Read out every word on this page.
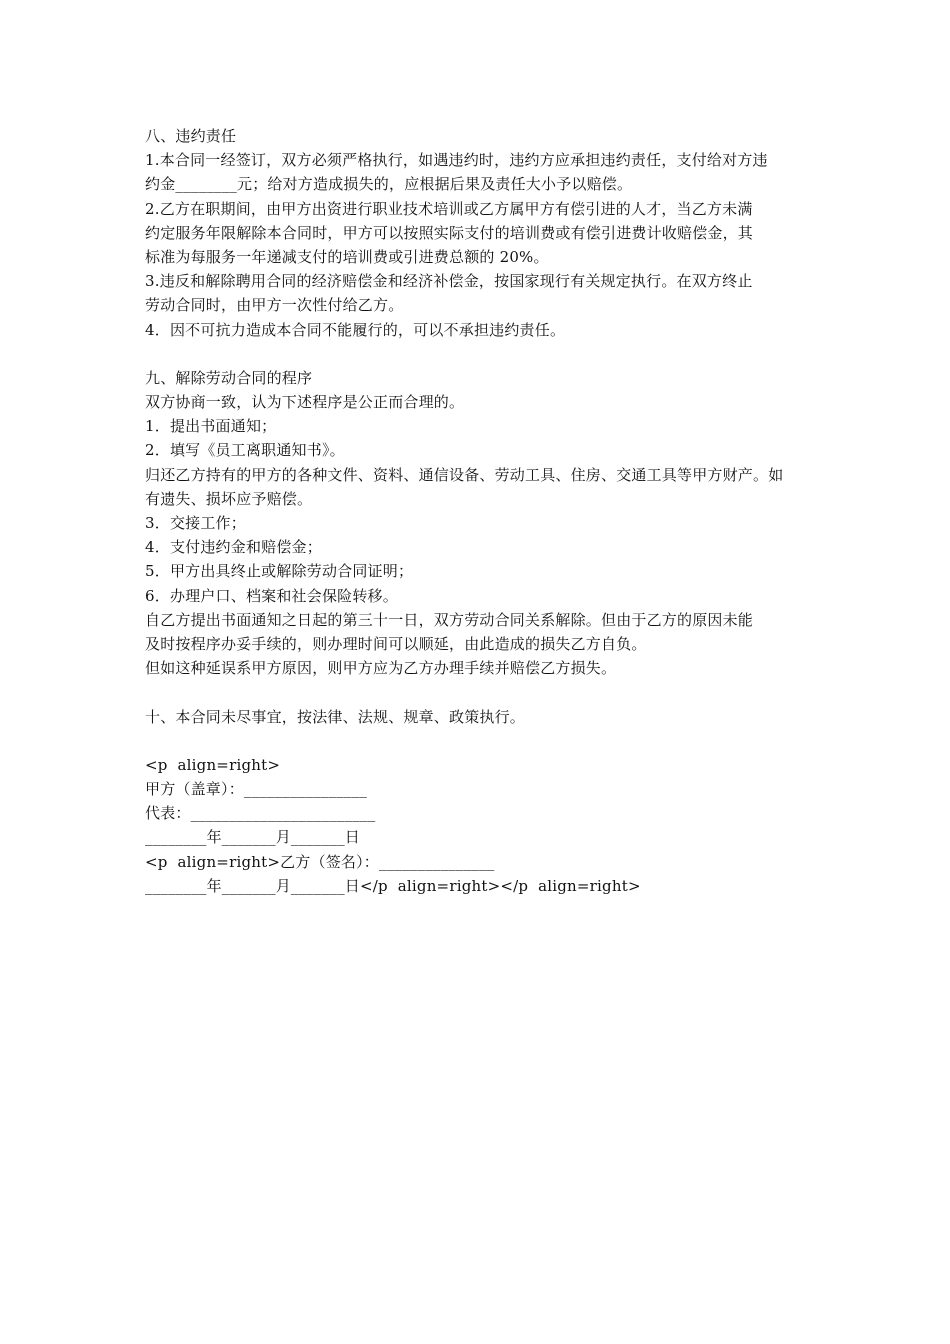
八、违约责任
1.本合同一经签订，双方必须严格执行，如遇违约时，违约方应承担违约责任，支付给对方违
约金________元；给对方造成损失的，应根据后果及责任大小予以赔偿。
2.乙方在职期间，由甲方出资进行职业技术培训或乙方属甲方有偿引进的人才，当乙方未满
约定服务年限解除本合同时，甲方可以按照实际支付的培训费或有偿引进费计收赔偿金，其
标准为每服务一年递减支付的培训费或引进费总额的 20%。
3.违反和解除聘用合同的经济赔偿金和经济补偿金，按国家现行有关规定执行。在双方终止
劳动合同时，由甲方一次性付给乙方。
4．因不可抗力造成本合同不能履行的，可以不承担违约责任。
九、解除劳动合同的程序
双方协商一致，认为下述程序是公正而合理的。
1．提出书面通知；
2．填写《员工离职通知书》。
归还乙方持有的甲方的各种文件、资料、通信设备、劳动工具、住房、交通工具等甲方财产。如
有遗失、损坏应予赔偿。
3．交接工作；
4．支付违约金和赔偿金；
5．甲方出具终止或解除劳动合同证明；
6．办理户口、档案和社会保险转移。
自乙方提出书面通知之日起的第三十一日，双方劳动合同关系解除。但由于乙方的原因未能
及时按程序办妥手续的，则办理时间可以顺延，由此造成的损失乙方自负。
但如这种延误系甲方原因，则甲方应为乙方办理手续并赔偿乙方损失。
十、本合同未尽事宜，按法律、法规、规章、政策执行。
<p  align=right>
甲方（盖章）：________________
代表：________________________
________年_______月_______日
<p  align=right>乙方（签名）：_______________
________年_______月_______日</p  align=right></p  align=right>
